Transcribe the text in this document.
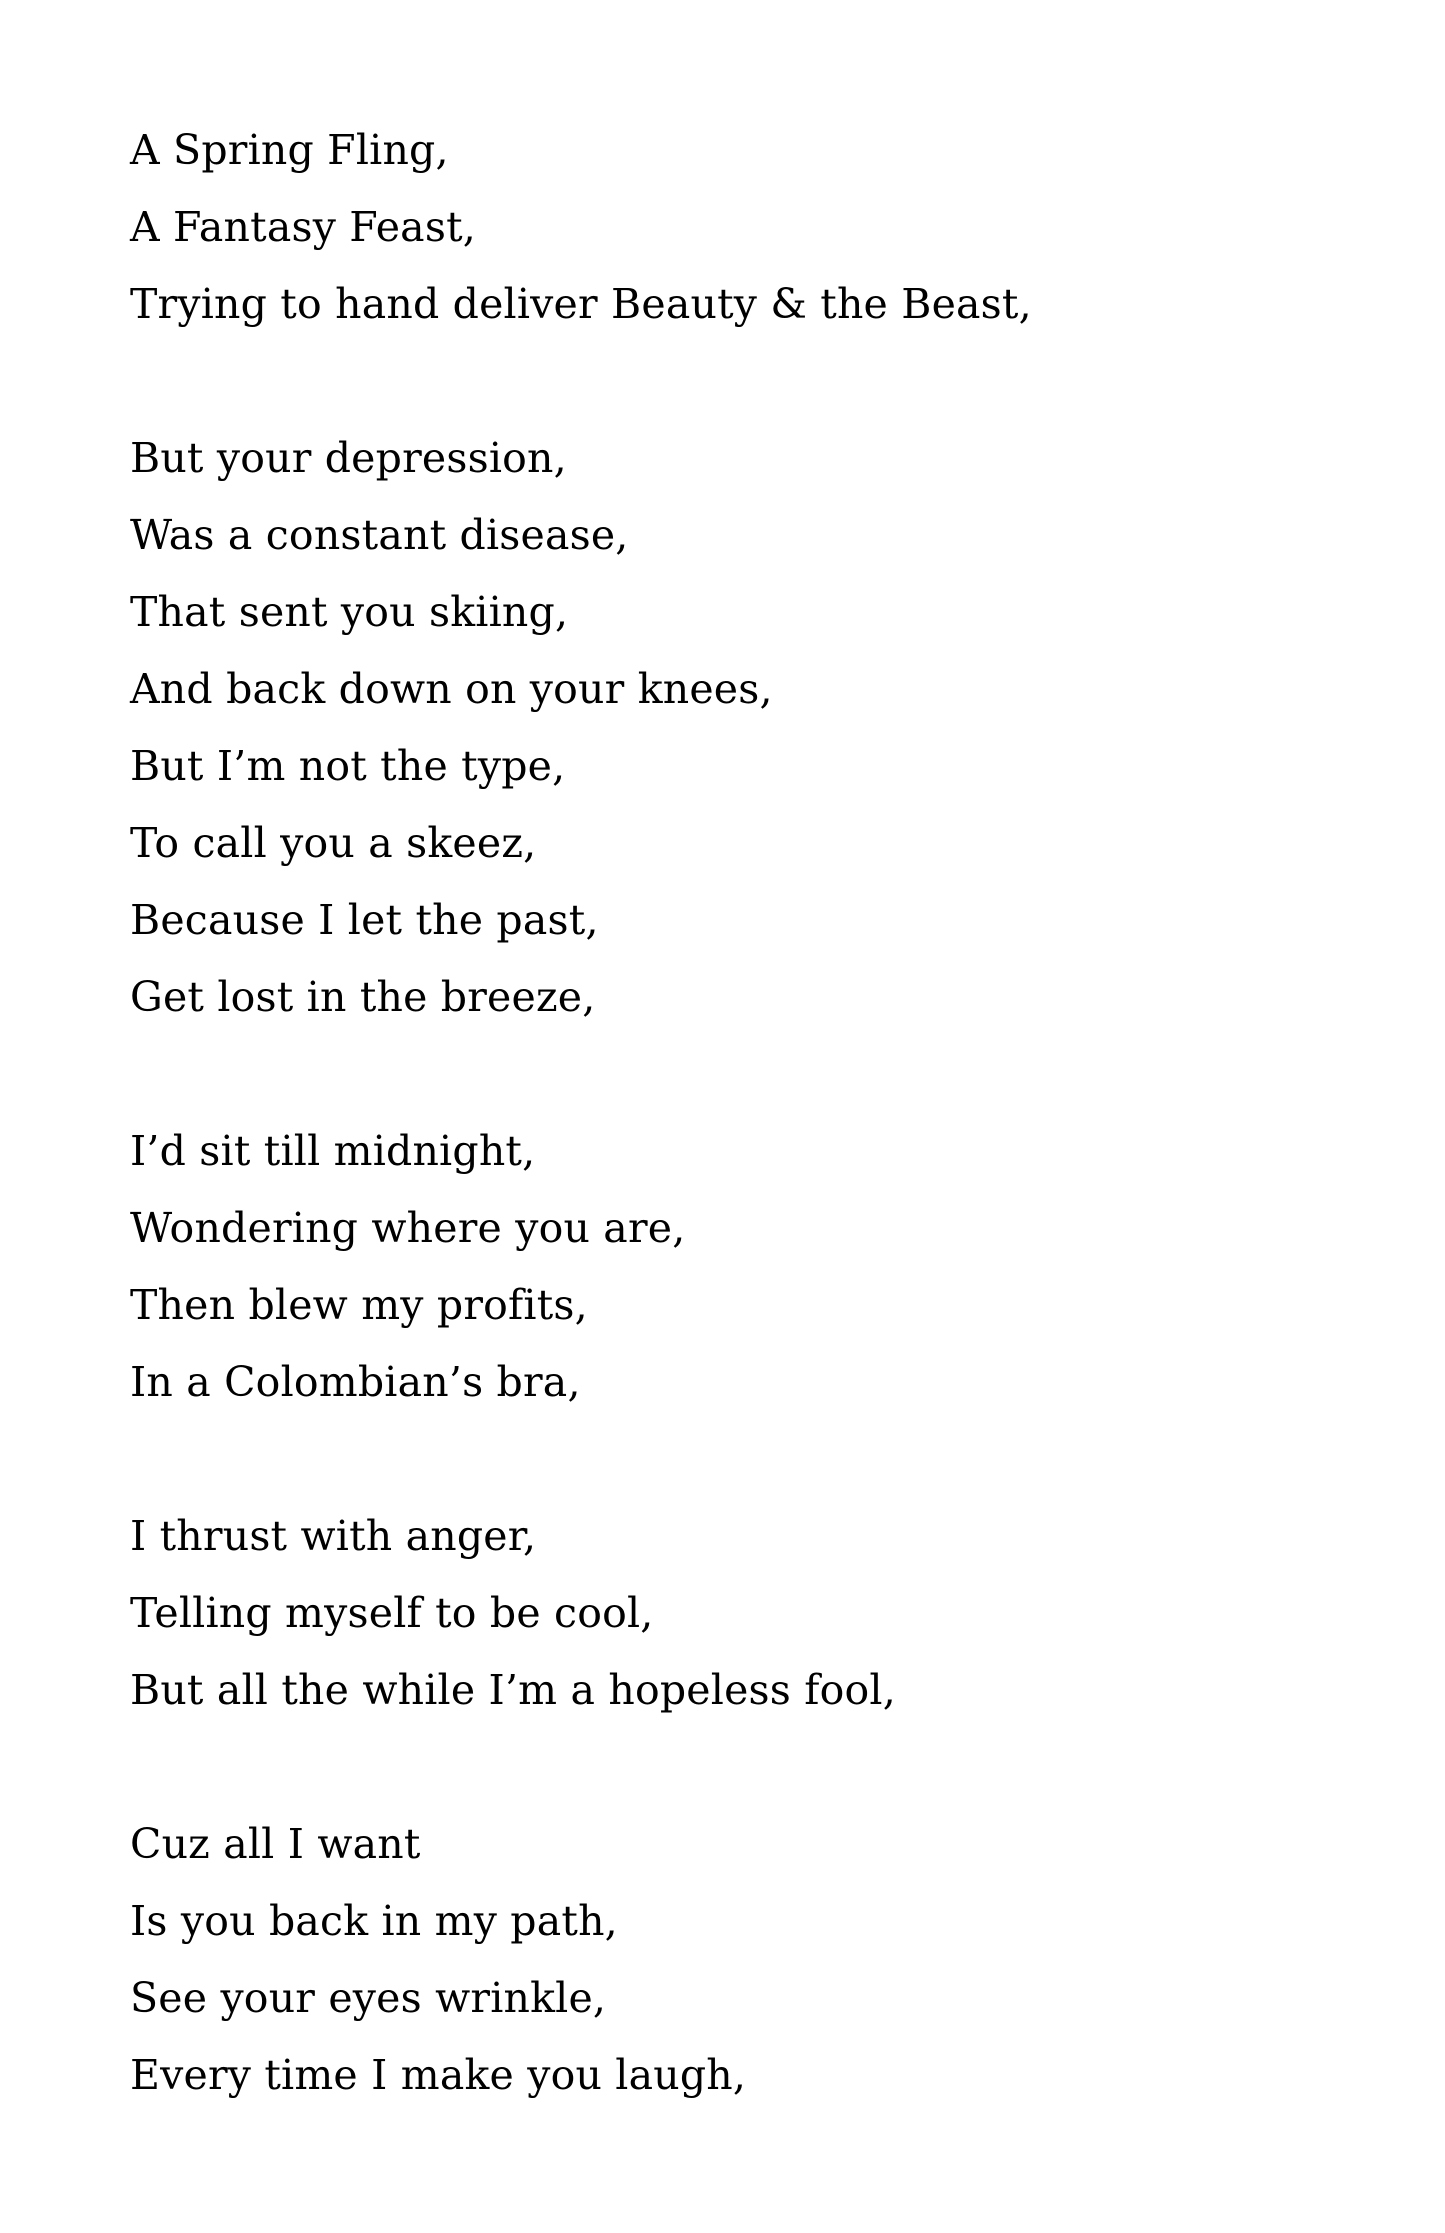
A Spring Fling,
A Fantasy Feast,
Trying to hand deliver Beauty & the Beast,
But your depression,
Was a constant disease,
That sent you skiing,
And back down on your knees,
But I’m not the type,
To call you a skeez,
Because I let the past,
Get lost in the breeze,
I’d sit till midnight,
Wondering where you are,
Then blew my profits,
In a Colombian’s bra,
I thrust with anger,
Telling myself to be cool,
But all the while I’m a hopeless fool,
Cuz all I want
Is you back in my path,
See your eyes wrinkle,
Every time I make you laugh,
